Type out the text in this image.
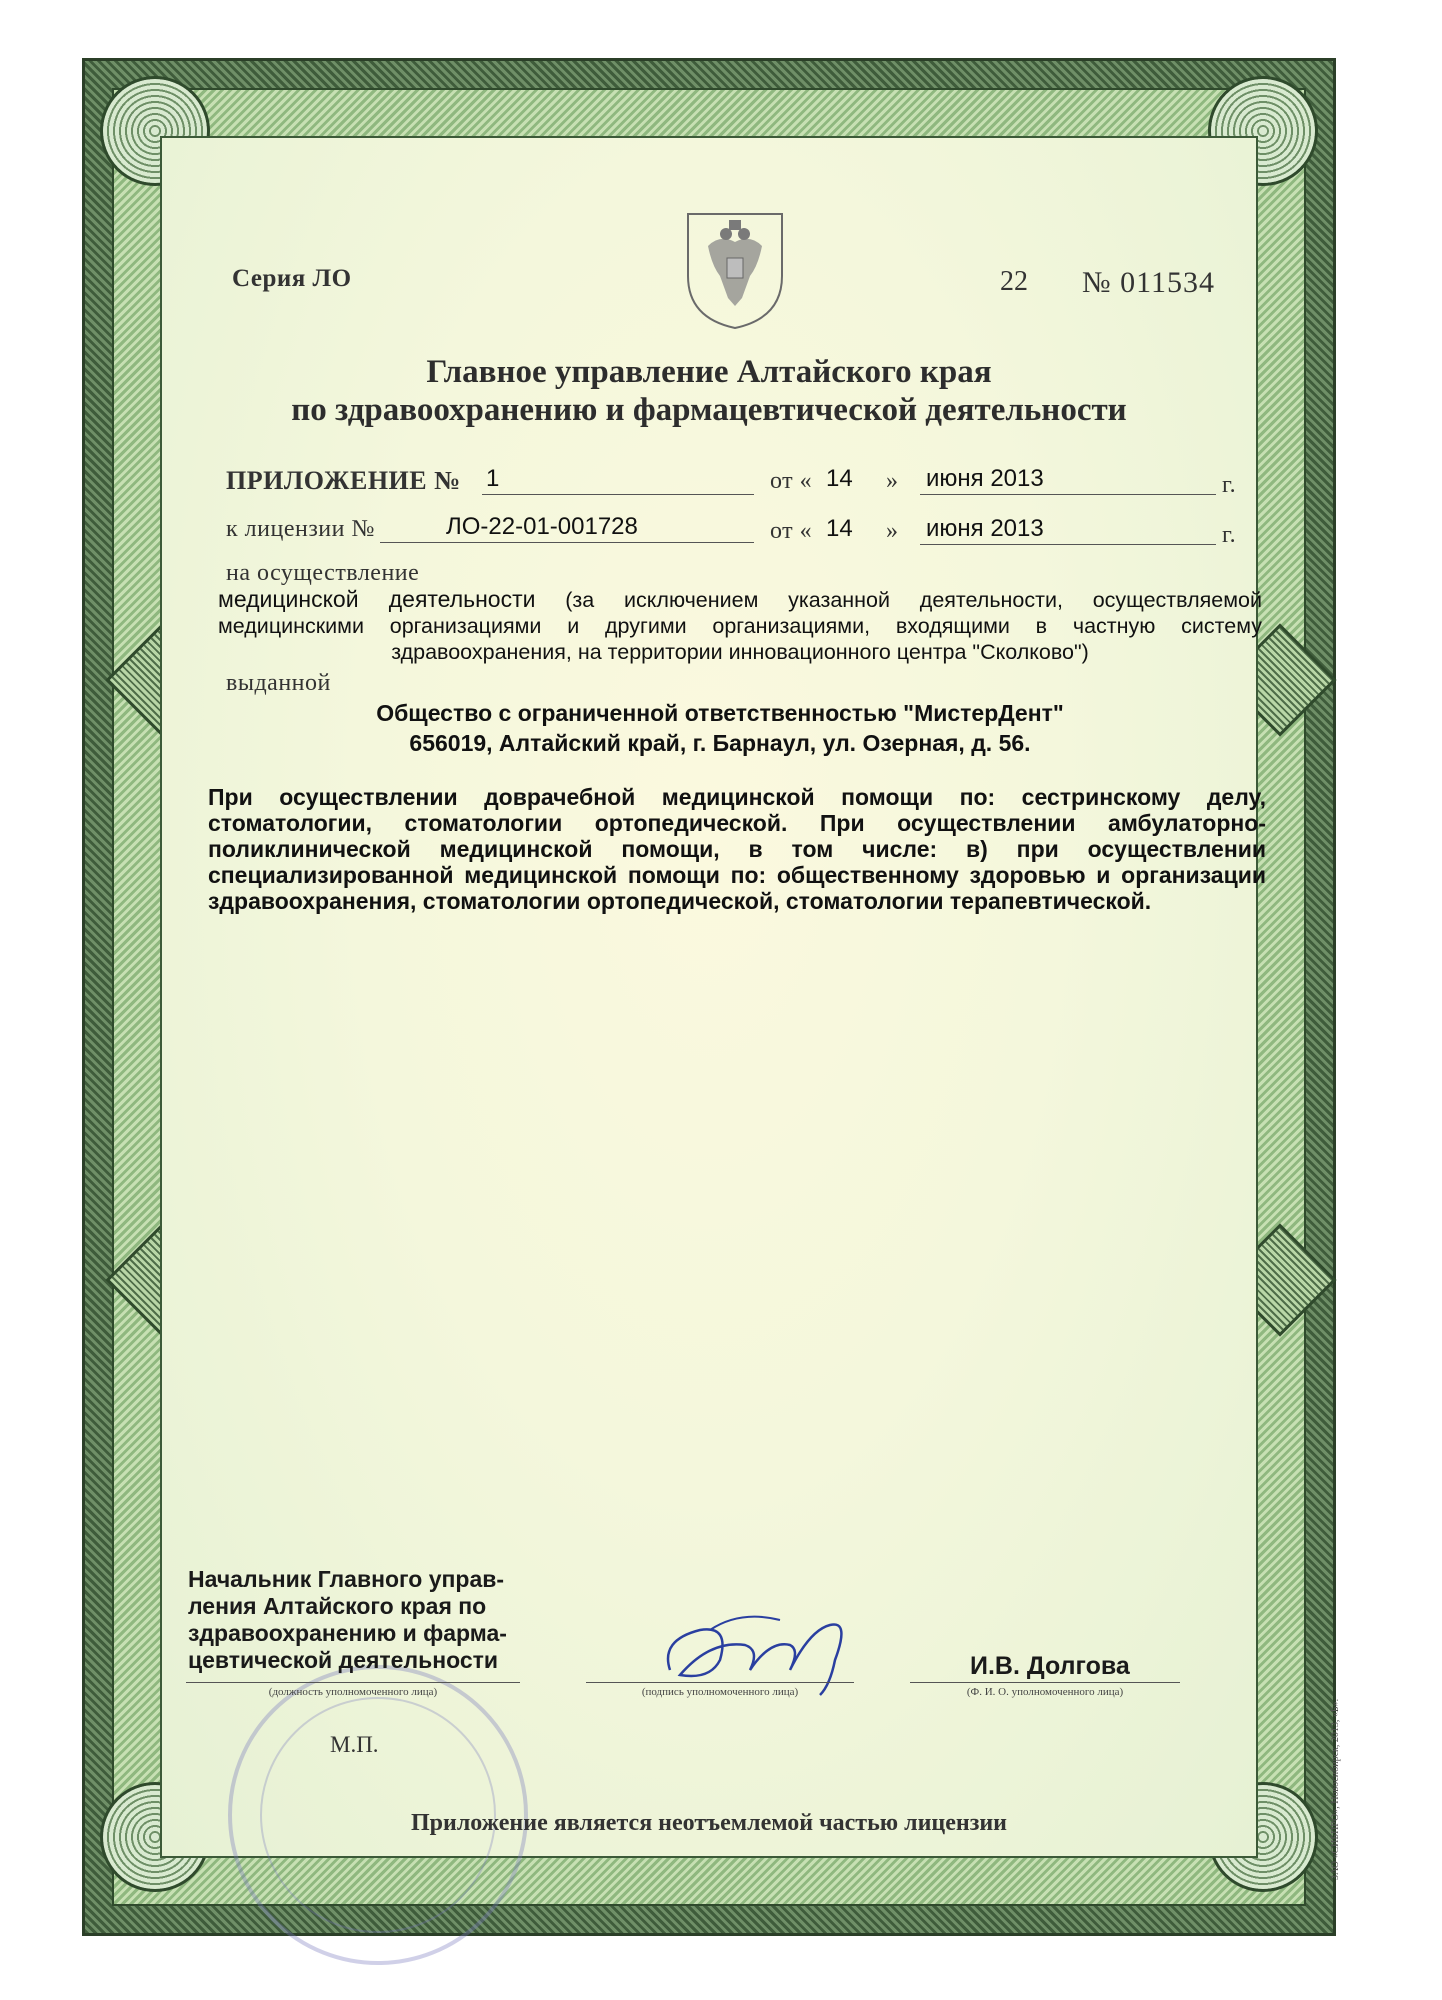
Серия ЛО	22 № 011534
Главное управление Алтайского края
по здравоохранению и фармацевтической деятельности
ПРИЛОЖЕНИЕ № 1	от « 14 » июня 2013	г.
к лицензии №	ЛО-22-01-001728	от « 14 » июня 2013	г.
на осуществление
медицинской деятельности (за исключением указанной деятельности, осуществляемой медицинскими организациями и другими организациями, входящими в частную систему здравоохранения, на территории инновационного центра "Сколково")
выданной
Общество с ограниченной ответственностью "МистерДент"
656019, Алтайский край, г. Барнаул, ул. Озерная, д. 56.
При осуществлении доврачебной медицинской помощи по: сестринскому делу, стоматологии, стоматологии ортопедической. При осуществлении амбулаторно-поликлинической медицинской помощи, в том числе: в) при осуществлении специализированной медицинской помощи по: общественному здоровью и организации здравоохранения, стоматологии ортопедической, стоматологии терапевтической.
Начальник Главного управ-
ления Алтайского края по
здравоохранению и фарма-
цевтической деятельности
(должность уполномоченного лица)	(подпись уполномоченного лица)
И.В. Долгова
(Ф. И. О. уполномоченного лица)
М.П.
Приложение является неотъемлемой частью лицензии	ЗАО «СИБПРО», Новосибирск, 2013, «Б».
